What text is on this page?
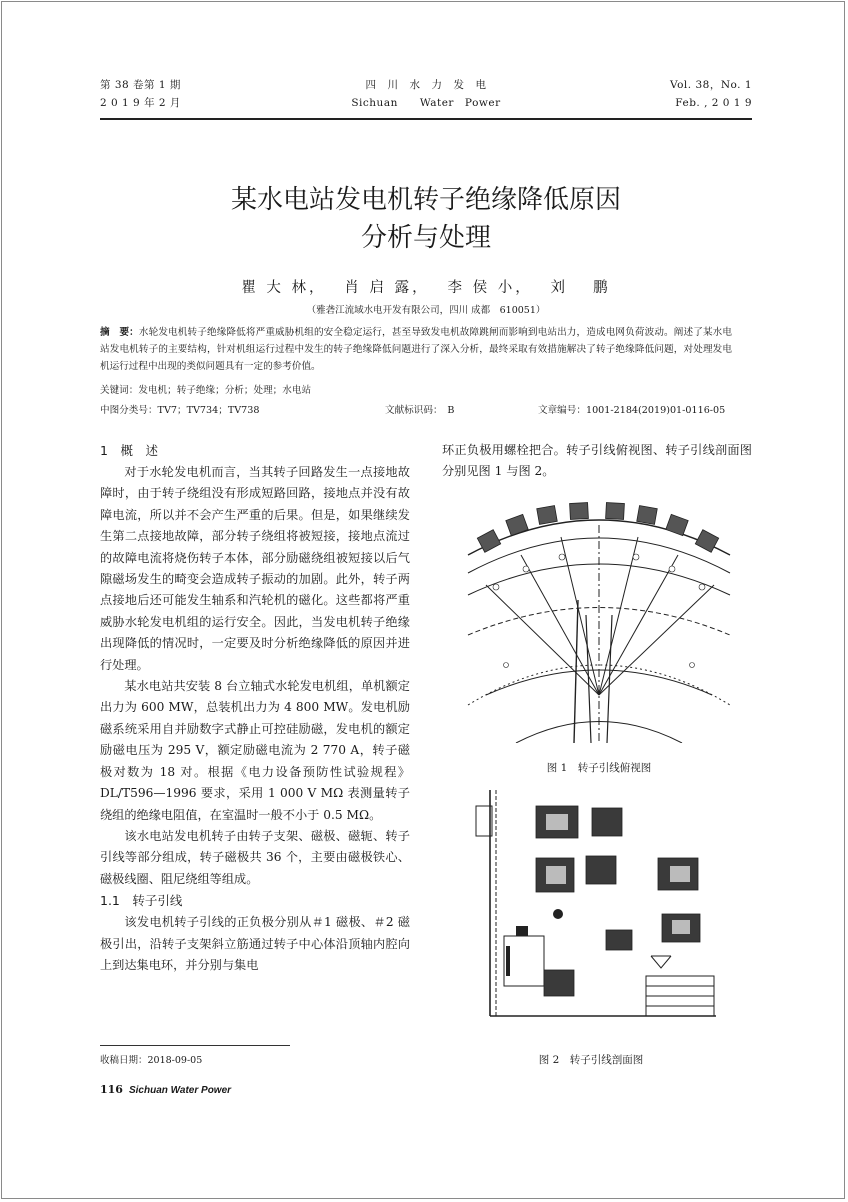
第 38 卷第 1 期
2 0 1 9 年 2 月
四　川　水　力　发　电
Sichuan　　Water　Power
Vol. 38，No. 1
Feb. , 2 0 1 9
某水电站发电机转子绝缘降低原因
分析与处理
瞿 大 林，　 肖 启 露，　 李 侯 小，　 刘　 鹏
（雅砻江流域水电开发有限公司，四川 成都　610051）
摘　要：水轮发电机转子绝缘降低将严重威胁机组的安全稳定运行，甚至导致发电机故障跳闸而影响到电站出力，造成电网负荷波动。阐述了某水电站发电机转子的主要结构，针对机组运行过程中发生的转子绝缘降低问题进行了深入分析，最终采取有效措施解决了转子绝缘降低问题，对处理发电机运行过程中出现的类似问题具有一定的参考价值。
关键词：发电机；转子绝缘；分析；处理；水电站
中图分类号：TV7；TV734；TV738	文献标识码：　B	文章编号：1001-2184(2019)01-0116-05
1　概　述

对于水轮发电机而言，当其转子回路发生一点接地故障时，由于转子绕组没有形成短路回路，接地点并没有故障电流，所以并不会产生严重的后果。但是，如果继续发生第二点接地故障，部分转子绕组将被短接，接地点流过的故障电流将烧伤转子本体，部分励磁绕组被短接以后气隙磁场发生的畸变会造成转子振动的加剧。此外，转子两点接地后还可能发生轴系和汽轮机的磁化。这些都将严重威胁水轮发电机组的运行安全。因此，当发电机转子绝缘出现降低的情况时，一定要及时分析绝缘降低的原因并进行处理。

某水电站共安装 8 台立轴式水轮发电机组，单机额定出力为 600 MW，总装机出力为 4 800 MW。发电机励磁系统采用自并励数字式静止可控硅励磁，发电机的额定励磁电压为 295 V，额定励磁电流为 2 770 A，转子磁极对数为 18 对。根据《电力设备预防性试验规程》DL/T596—1996 要求，采用 1 000 V MΩ 表测量转子绕组的绝缘电阻值，在室温时一般不小于 0.5 MΩ。

该水电站发电机转子由转子支架、磁极、磁轭、转子引线等部分组成，转子磁极共 36 个，主要由磁极铁心、磁极线圈、阻尼绕组等组成。

1.1　转子引线

该发电机转子引线的正负极分别从＃1 磁极、＃2 磁极引出，沿转子支架斜立筋通过转子中心体沿顶轴内腔向上到达集电环，并分别与集电

环正负极用螺栓把合。转子引线俯视图、转子引线剖面图分别见图 1 与图 2。

图 1　转子引线俯视图
图 2　转子引线剖面图
收稿日期：2018-09-05
116 Sichuan Water Power
